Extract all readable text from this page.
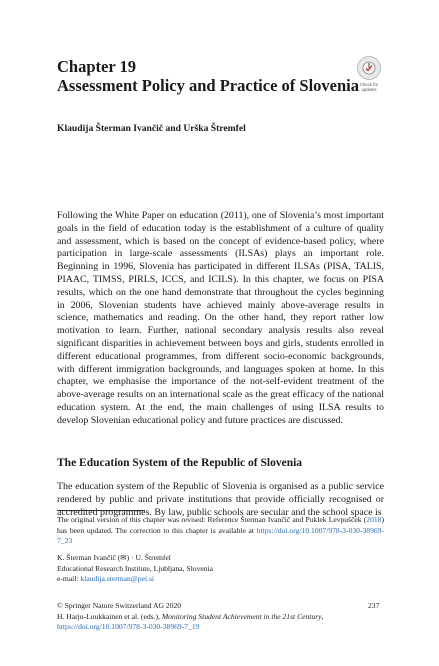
Chapter 19
Assessment Policy and Practice of Slovenia Check for
updates
Klaudija Šterman Ivančič and Urška Štremfel
Following the White Paper on education (2011), one of Slovenia’s most important goals in the field of education today is the establishment of a culture of quality and assessment, which is based on the concept of evidence-based policy, where participation in large-scale assessments (ILSAs) plays an important role. Beginning in 1996, Slovenia has participated in different ILSAs (PISA, TALIS, PIAAC, TIMSS, PIRLS, ICCS, and ICILS). In this chapter, we focus on PISA results, which on the one hand demonstrate that throughout the cycles beginning in 2006, Slovenian students have achieved mainly above-average results in science, mathematics and reading. On the other hand, they report rather low motivation to learn. Further, national secondary analysis results also reveal significant disparities in achievement between boys and girls, students enrolled in different educational programmes, from different socio-economic backgrounds, with different immigration backgrounds, and languages spoken at home. In this chapter, we emphasise the importance of the not-self-evident treatment of the above-average results on an international scale as the great efficacy of the national education system. At the end, the main challenges of using ILSA results to develop Slovenian educational policy and future practices are discussed.
The Education System of the Republic of Slovenia
The education system of the Republic of Slovenia is organised as a public service rendered by public and private institutions that provide officially recognised or accredited programmes. By law, public schools are secular and the school space is
The original version of this chapter was revised: Reference Šterman Ivančič and Puklek Levpušček (2018) has been updated. The correction to this chapter is available at https://doi.org/10.1007/978-3-030-38969-7_23
K. Šterman Ivančič (✉) · U. Štremfel
Educational Research Institute, Ljubljana, Slovenia
e-mail: klaudija.sterman@pei.si
© Springer Nature Switzerland AG 2020
H. Harju-Luukkainen et al. (eds.), Monitoring Student Achievement in the 21st Century, https://doi.org/10.1007/978-3-030-38969-7_19
237
